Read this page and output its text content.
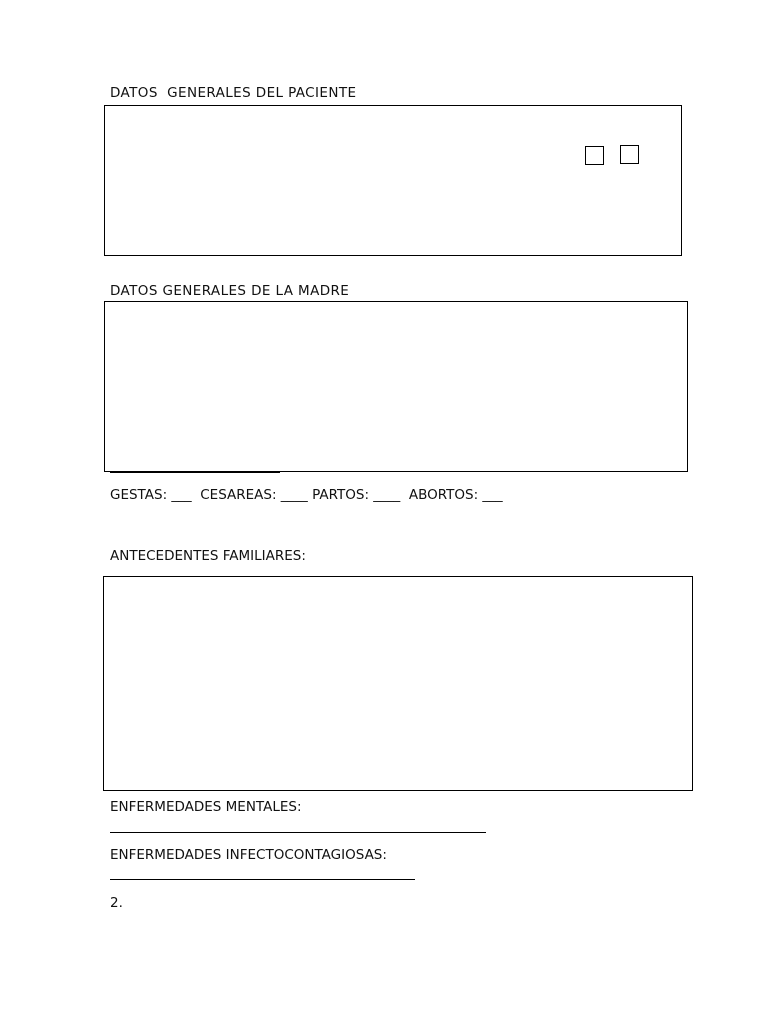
DATOS  GENERALES DEL PACIENTE
DATOS GENERALES DE LA MADRE
GESTAS: ___  CESAREAS: ____ PARTOS: ____  ABORTOS: ___
ANTECEDENTES FAMILIARES:
ENFERMEDADES MENTALES:
ENFERMEDADES INFECTOCONTAGIOSAS:
2.
